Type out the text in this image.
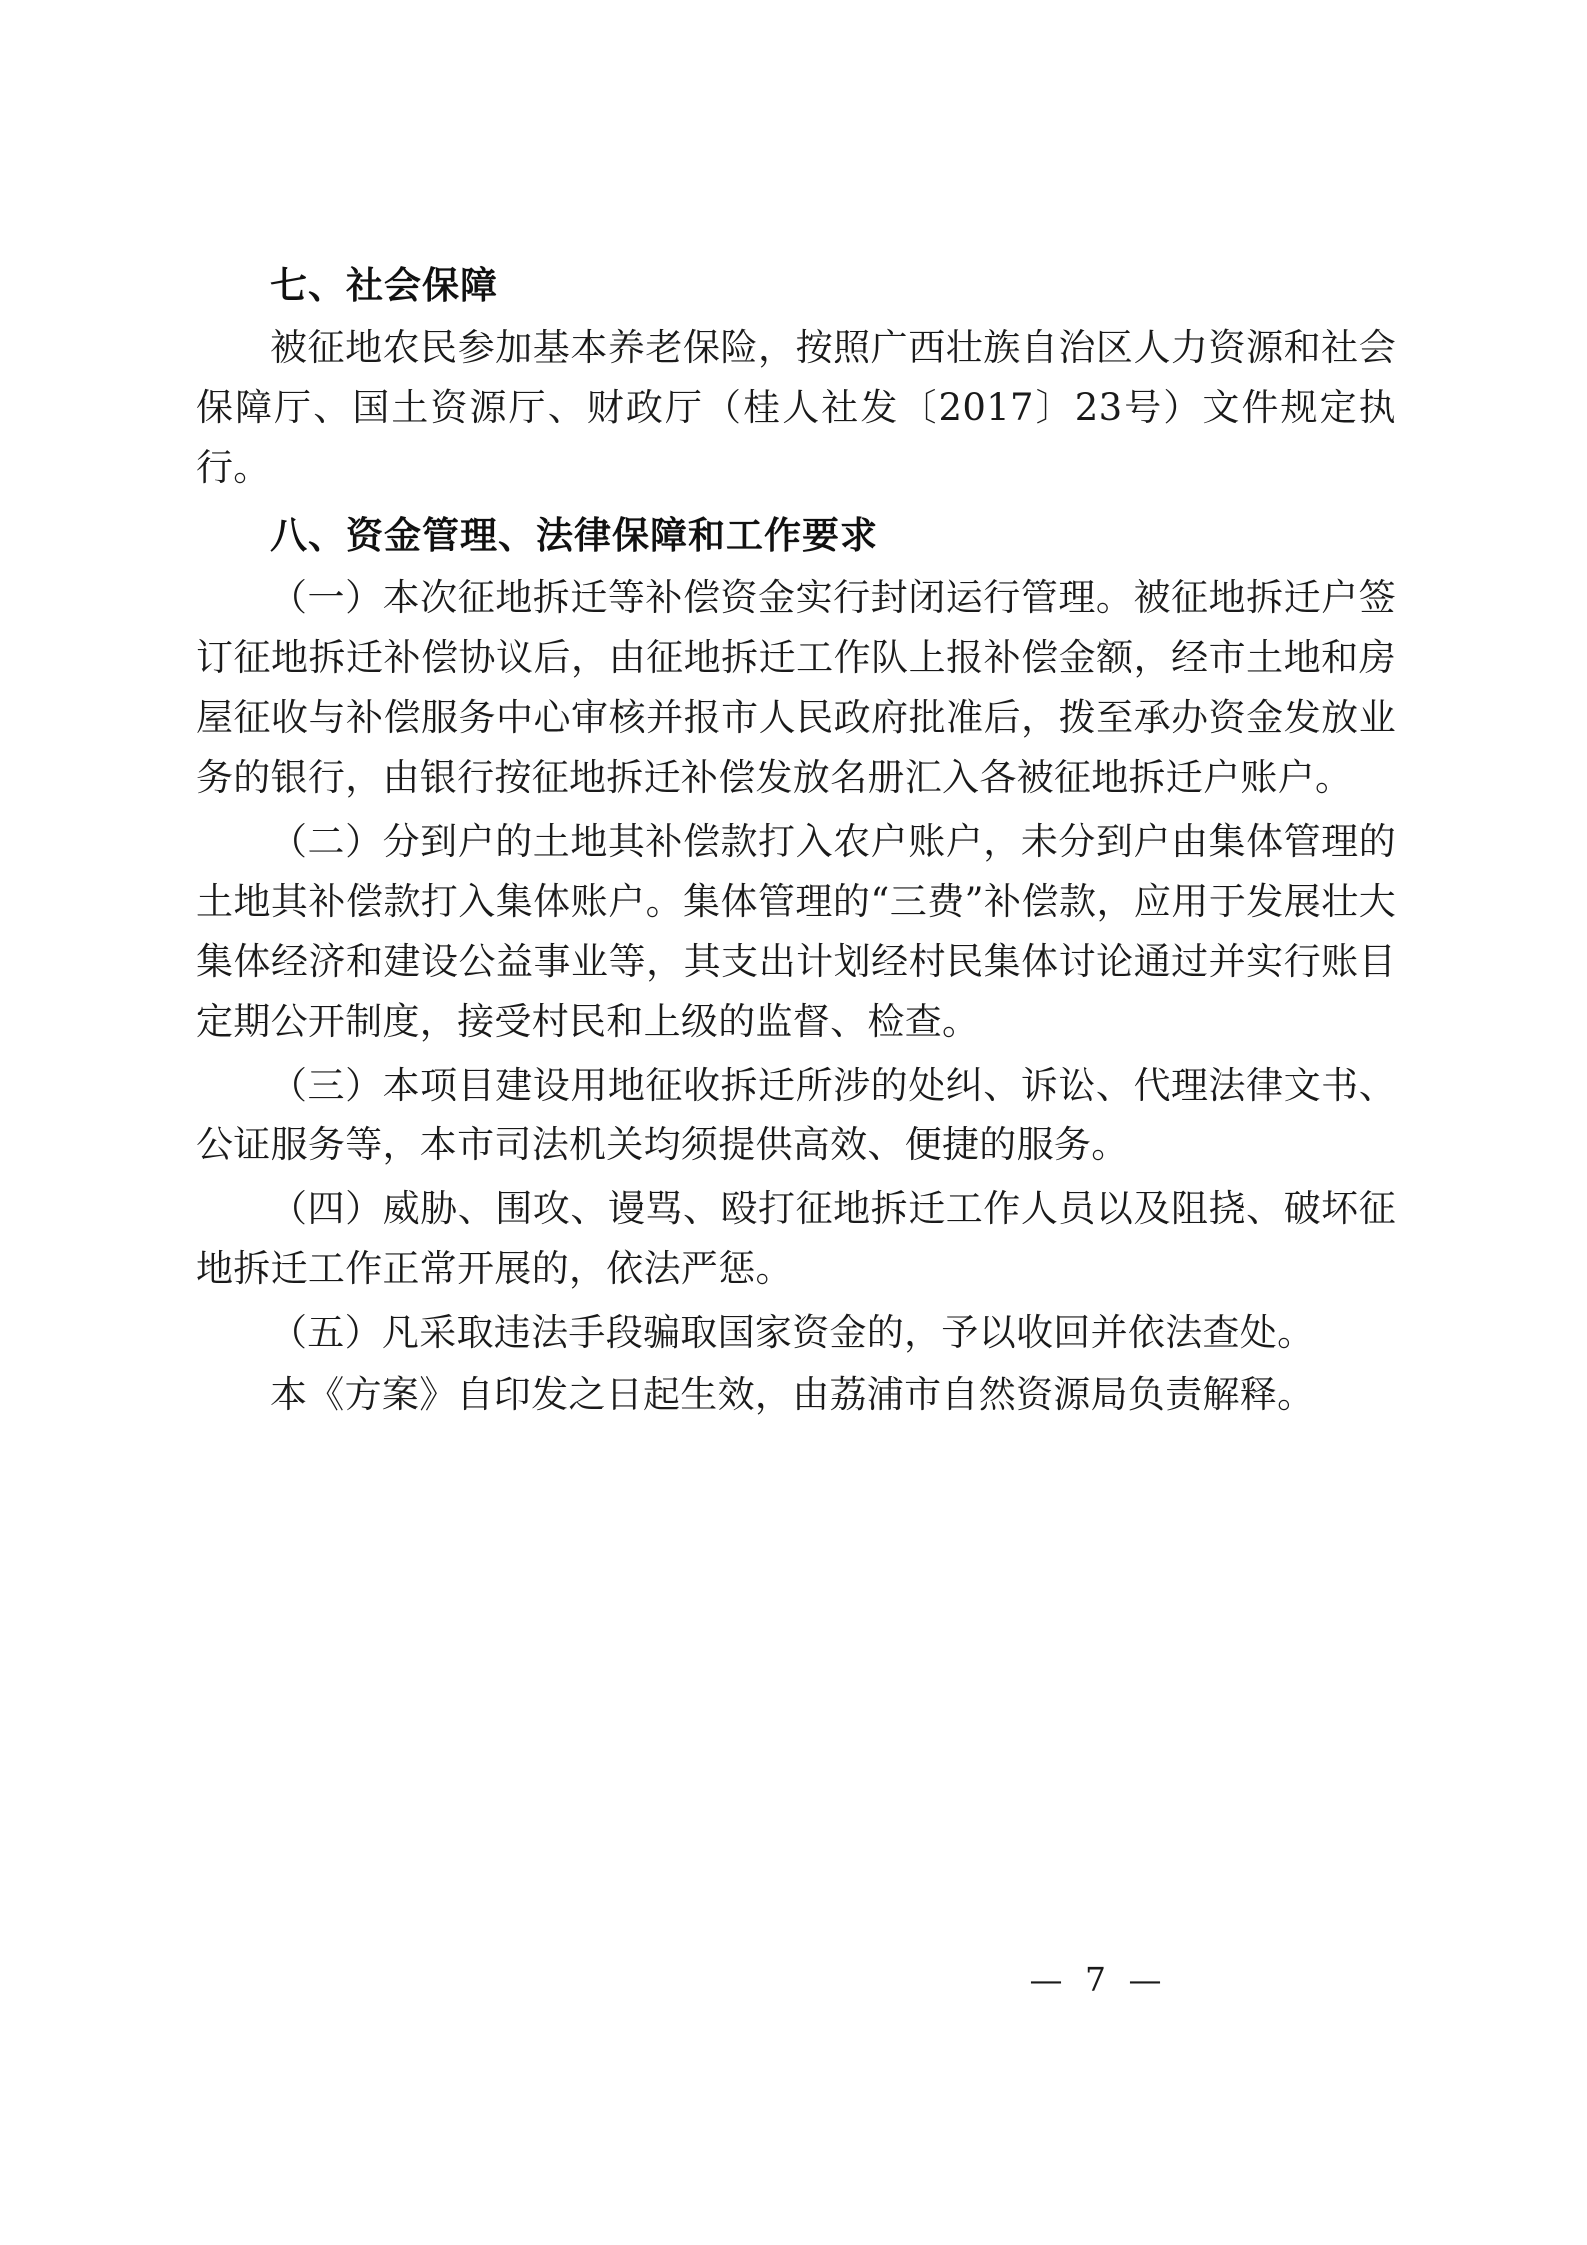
七、社会保障

被征地农民参加基本养老保险，按照广西壮族自治区人力资源和社会保障厅、国土资源厅、财政厅（桂人社发〔2017〕23号）文件规定执行。

八、资金管理、法律保障和工作要求

（一）本次征地拆迁等补偿资金实行封闭运行管理。被征地拆迁户签订征地拆迁补偿协议后，由征地拆迁工作队上报补偿金额，经市土地和房屋征收与补偿服务中心审核并报市人民政府批准后，拨至承办资金发放业务的银行，由银行按征地拆迁补偿发放名册汇入各被征地拆迁户账户。

（二）分到户的土地其补偿款打入农户账户，未分到户由集体管理的土地其补偿款打入集体账户。集体管理的“三费”补偿款，应用于发展壮大集体经济和建设公益事业等，其支出计划经村民集体讨论通过并实行账目定期公开制度，接受村民和上级的监督、检查。

（三）本项目建设用地征收拆迁所涉的处纠、诉讼、代理法律文书、公证服务等，本市司法机关均须提供高效、便捷的服务。

（四）威胁、围攻、谩骂、殴打征地拆迁工作人员以及阻挠、破坏征地拆迁工作正常开展的，依法严惩。

（五）凡采取违法手段骗取国家资金的，予以收回并依法查处。

本《方案》自印发之日起生效，由荔浦市自然资源局负责解释。

— 7 —
